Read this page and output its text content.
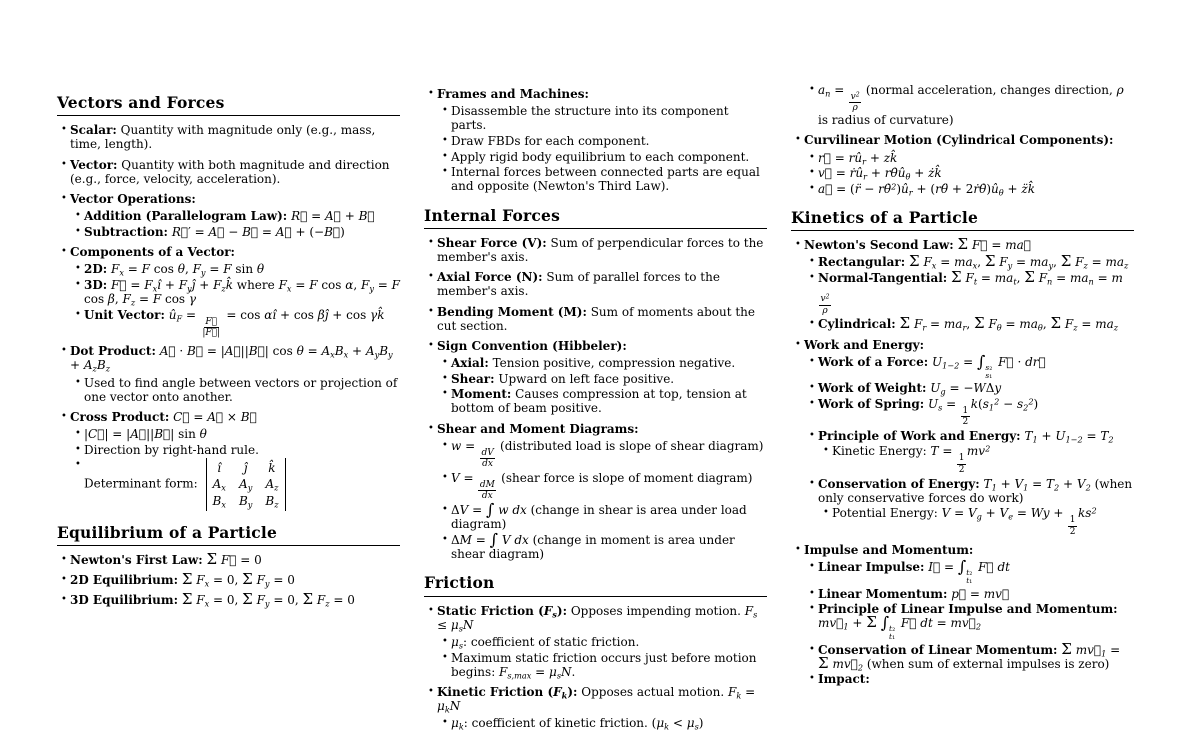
Vectors and Forces
• Scalar: Quantity with magnitude only (e.g., mass, time, length).
• Vector: Quantity with both magnitude and direction (e.g., force, velocity, acceleration).
• Vector Operations:
• Addition (Parallelogram Law): R⃗ = A⃗ + B⃗
• Subtraction: R⃗′ = A⃗ − B⃗ = A⃗ + (−B⃗)
• Components of a Vector:
• 2D: $F_x = F$ cos θ, $F_y = F$ sin θ
• 3D: F⃗ = $F_xî$ + $F_yĵ$ + $F_zk̂$ where $F_x = F$ cos α, $F_y = F$ cos β, $F_z = F$ cos γ
• Unit Vector: $û_F$ =
$\frac{F⃗}{|F⃗|}$
= cos αî + cos βĵ + cos γk̂
• Dot Product: A⃗ · B⃗ = |A⃗||B⃗| $\cos \theta = A_xB_x + A_yB_y + A_zB_z$
• Used to find angle between vectors or projection of one vector onto another.
• Cross Product: C⃗ = A⃗ × B⃗
• |C⃗| = |A⃗||B⃗| sin θ
• Direction by right-hand rule.
• Determinant form:
î	ĵ	k̂
$A_x$ $A_y$ $A_z$
$B_x$ $B_y$ $B_z$
Equilibrium of a Particle
• Newton's First Law: Σ F⃗ = 0
• 2D Equilibrium: Σ $F_x = 0$, Σ $F_y = 0$
• 3D Equilibrium: Σ $F_x = 0$, Σ $F_y = 0$, Σ $F_z = 0$
• Frames and Machines:
• Disassemble the structure into its component parts.
• Draw FBDs for each component.
• Apply rigid body equilibrium to each component.
• Internal forces between connected parts are equal and opposite (Newton's Third Law).
Internal Forces
• Shear Force (V): Sum of perpendicular forces to the member's axis.
• Axial Force (N): Sum of parallel forces to the member's axis.
• Bending Moment (M): Sum of moments about the cut section.
• Sign Convention (Hibbeler):
• Axial: Tension positive, compression negative.
• Shear: Upward on left face positive.
• Moment: Causes compression at top, tension at bottom of beam positive.
• Shear and Moment Diagrams:
• w =
$\frac{dV}{dx}$
(distributed load is slope of shear diagram)
• V =
$\frac{dM}{dx}$
(shear force is slope of moment diagram)
• ΔV = ∫ w dx (change in shear is area under load diagram)
• ΔM = ∫ V dx (change in moment is area under shear diagram)
Friction
• Static Friction $(F_s)$: Opposes impending motion. $F_s \le \mu_sN$
• $\mu_s$: coefficient of static friction.
• Maximum static friction occurs just before motion begins: $F_{s,max} = \mu_sN$.
• Kinetic Friction $(F_k)$: Opposes actual motion. $F_k = \mu_kN$
• $\mu_k$: coefficient of kinetic friction. $(\mu_k < \mu_s)$
• $a_n$ =
$\frac{v^2}{\rho}$
(normal acceleration, changes direction, ρ is radius of curvature)
• Curvilinear Motion (Cylindrical Components):
• r⃗ = $rû_r$ + zk̂
• v⃗ = ṙû$_r$ + $r\thetȧû_\theta$ + żk̂
• a⃗ = (r̈ − $r\thetȧ^2)û_r$ + (rθ̈ + $2ṙ\thetȧ)û_\theta$ + z̈k̂
Kinetics of a Particle
• Newton's Second Law: Σ F⃗ = ma⃗
• Rectangular: Σ $F_x = ma_x$, Σ $F_y = ma_y$, Σ $F_z = ma_z$
• Normal-Tangential: Σ $F_t = ma_t$, Σ $F_n = ma_n = m$
$\frac{v^2}{\rho}$
• Cylindrical: Σ $F_r = ma_r$, Σ $F_\theta = ma_\theta$, Σ $F_z = ma_z$
• Work and Energy:
• Work of a Force: $U_{1-2}$ = ∫ s₂
s₁
F⃗ · dr⃗
• Work of Weight: $U_g = -W\Delta y$
• Work of Spring: $U_s$ =
$\frac{1}{2}$
$k(s_1^2 - s_2^2)$
• Principle of Work and Energy: $T_1 + U_{1-2} = T_2$
• Kinetic Energy: T =
$\frac{1}{2}$
$mv^2$
• Conservation of Energy: $T_1 + V_1 = T_2 + V_2$ (when only conservative forces do work)
• Potential Energy: $V = V_g + V_e = Wy$ +
$\frac{1}{2}$
$ks^2$
• Impulse and Momentum:
• Linear Impulse: I⃗ = ∫ t₂
t₁
F⃗ dt
• Linear Momentum: p⃗ = mv⃗
• Principle of Linear Impulse and Momentum: $mv⃗_1 + \Sigma$ ∫ t₂
t₁
F⃗ dt = $mv⃗_2$
• Conservation of Linear Momentum: Σ $mv⃗_1 = \Sigma$ $mv⃗_2$ (when sum of external impulses is zero)
• Impact:
